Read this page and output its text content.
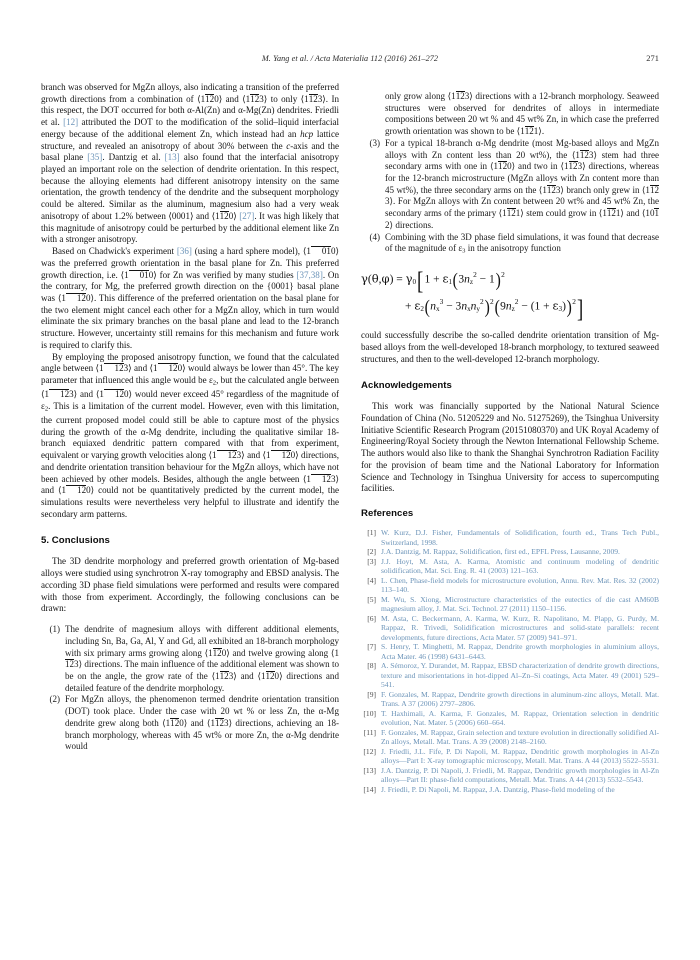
M. Yang et al. / Acta Materialia 112 (2016) 261–272	271

branch was observed for MgZn alloys, also indicating a transition of the preferred growth directions from a combination of ⟨1120⟩ and ⟨1123⟩ to only ⟨1123⟩. In this respect, the DOT occurred for both α-Al(Zn) and α-Mg(Zn) dendrites. Friedli et al. [12] attributed the DOT to the modification of the solid–liquid interfacial energy because of the additional element Zn, which instead had an hcp lattice structure, and revealed an anisotropy of about 30% between the c-axis and the basal plane [35]. Dantzig et al. [13] also found that the interfacial anisotropy played an important role on the selection of dendrite orientation. In this respect, because the alloying elements had different anisotropy intensity on the same orientation, the growth tendency of the dendrite and the subsequent morphology could be altered. Similar as the aluminum, magnesium also had a very weak anisotropy of about 1.2% between ⟨0001⟩ and ⟨1120⟩ [27]. It was high likely that this magnitude of anisotropy could be perturbed by the additional element like Zn with a stronger anisotropy.

Based on Chadwick's experiment [36] (using a hard sphere model), ⟨1 010⟩ was the preferred growth orientation in the basal plane for Zn. This preferred growth direction, i.e. ⟨1 010⟩ for Zn was verified by many studies [37,38]. On the contrary, for Mg, the preferred growth direction on the {0001} basal plane was ⟨1 120⟩. This difference of the preferred orientation on the basal plane for the two element might cancel each other for a MgZn alloy, which in turn would eliminate the six primary branches on the basal plane and lead to the 12-branch structure. However, uncertainty still remains for this mechanism and future work is required to clarify this.

By employing the proposed anisotropy function, we found that the calculated angle between ⟨1 123⟩ and ⟨1 120⟩ would always be lower than 45°. The key parameter that influenced this angle would be $\varepsilon_2$, but the calculated angle between ⟨1 123⟩ and ⟨1 120⟩ would never exceed 45° regardless of the magnitude of $\varepsilon_2$. This is a limitation of the current model. However, even with this limitation, the current proposed model could still be able to capture most of the physics during the growth of the α-Mg dendrite, including the qualitative similar 18-branch equiaxed dendritic pattern compared with that from experiment, equivalent or varying growth velocities along ⟨1 123⟩ and ⟨1 120⟩ directions, and dendrite orientation transition behaviour for the MgZn alloys, which have not been achieved by other models. Besides, although the angle between ⟨1 123⟩ and ⟨1 120⟩ could not be quantitatively predicted by the current model, the simulations results were nevertheless very helpful to illustrate and identify the secondary arm patterns.

5. Conclusions

The 3D dendrite morphology and preferred growth orientation of Mg-based alloys were studied using synchrotron X-ray tomography and EBSD analysis. The according 3D phase field simulations were performed and results were compared with those from experiment. Accordingly, the following conclusions can be drawn:

(1) The dendrite of magnesium alloys with different additional elements, including Sn, Ba, Ga, Al, Y and Gd, all exhibited an 18-branch morphology with six primary arms growing along ⟨1120⟩ and twelve growing along ⟨1123⟩ directions. The main influence of the additional element was shown to be on the angle, the grow rate of the ⟨1123⟩ and ⟨1120⟩ directions and detailed feature of the dendrite morphology.
(2) For MgZn alloys, the phenomenon termed dendrite orientation transition (DOT) took place. Under the case with 20 wt % or less Zn, the α-Mg dendrite grew along both ⟨1120⟩ and ⟨1123⟩ directions, achieving an 18-branch morphology, whereas with 45 wt% or more Zn, the α-Mg dendrite would
only grow along ⟨1123⟩ directions with a 12-branch morphology. Seaweed structures were observed for dendrites of alloys in intermediate compositions between 20 wt % and 45 wt% Zn, in which case the preferred growth orientation was shown to be ⟨1121⟩.
(3) For a typical 18-branch α-Mg dendrite (most Mg-based alloys and MgZn alloys with Zn content less than 20 wt%), the ⟨1123⟩ stem had three secondary arms with one in ⟨1120⟩ and two in ⟨1123⟩ directions, whereas for the 12-branch microstructure (MgZn alloys with Zn content more than 45 wt%), the three secondary arms on the ⟨1123⟩ branch only grew in ⟨1123⟩. For MgZn alloys with Zn content between 20 wt% and 45 wt% Zn, the secondary arms of the primary ⟨1121⟩ stem could grow in ⟨1121⟩ and ⟨1012⟩ directions.
(4) Combining with the 3D phase field simulations, it was found that decrease of the magnitude of $\varepsilon_3$ in the anisotropy function
$\gamma(\theta,\varphi) = \gamma 0[1 + \varepsilon 1(3nz^2 - 1)^2$
+ $\varepsilon 2(nx^3$ − $3nxny^2)^2(9nz^2 - (1 + \varepsilon 3))^2$]

could successfully describe the so-called dendrite orientation transition of Mg-based alloys from the well-developed 18-branch morphology, to textured seaweed structures, and then to the well-developed 12-branch morphology.

Acknowledgements

This work was financially supported by the National Natural Science Foundation of China (No. 51205229 and No. 51275269), the Tsinghua University Initiative Scientific Research Program (20151080370) and UK Royal Academy of Engineering/Royal Society through the Newton International Fellowship Scheme. The authors would also like to thank the Shanghai Synchrotron Radiation Facility for the provision of beam time and the National Laboratory for Information Science and Technology in Tsinghua University for access to supercomputing facilities.

References
[1] W. Kurz, D.J. Fisher, Fundamentals of Solidification, fourth ed., Trans Tech Publ., Switzerland, 1998.
[2] J.A. Dantzig, M. Rappaz, Solidification, first ed., EPFL Press, Lausanne, 2009.
[3] J.J. Hoyt, M. Asta, A. Karma, Atomistic and continuum modeling of dendritic solidification, Mat. Sci. Eng. R. 41 (2003) 121–163.
[4] L. Chen, Phase-field models for microstructure evolution, Annu. Rev. Mat. Res. 32 (2002) 113–140.
[5] M. Wu, S. Xiong, Microstructure characteristics of the eutectics of die cast AM60B magnesium alloy, J. Mat. Sci. Technol. 27 (2011) 1150–1156.
[6] M. Asta, C. Beckermann, A. Karma, W. Kurz, R. Napolitano, M. Plapp, G. Purdy, M. Rappaz, R. Trivedi, Solidification microstructures and solid-state parallels: recent developments, future directions, Acta Mater. 57 (2009) 941–971.
[7] S. Henry, T. Minghetti, M. Rappaz, Dendrite growth morphologies in aluminium alloys, Acta Mater. 46 (1998) 6431–6443.
[8] A. Sémoroz, Y. Durandet, M. Rappaz, EBSD characterization of dendrite growth directions, texture and misorientations in hot-dipped Al–Zn–Si coatings, Acta Mater. 49 (2001) 529–541.
[9] F. Gonzales, M. Rappaz, Dendrite growth directions in aluminum-zinc alloys, Metall. Mat. Trans. A 37 (2006) 2797–2806.
[10] T. Haxhimali, A. Karma, F. Gonzales, M. Rappaz, Orientation selection in dendritic evolution, Nat. Mater. 5 (2006) 660–664.
[11] F. Gonzales, M. Rappaz, Grain selection and texture evolution in directionally solidified Al-Zn alloys, Metall. Mat. Trans. A 39 (2008) 2148–2160.
[12] J. Friedli, J.L. Fife, P. Di Napoli, M. Rappaz, Dendritic growth morphologies in Al-Zn alloys—Part I: X-ray tomographic microscopy, Metall. Mat. Trans. A 44 (2013) 5522–5531.
[13] J.A. Dantzig, P. Di Napoli, J. Friedli, M. Rappaz, Dendritic growth morphologies in Al-Zn alloys—Part II: phase-field computations, Metall. Mat. Trans. A 44 (2013) 5532–5543.
[14] J. Friedli, P. Di Napoli, M. Rappaz, J.A. Dantzig, Phase-field modeling of the
